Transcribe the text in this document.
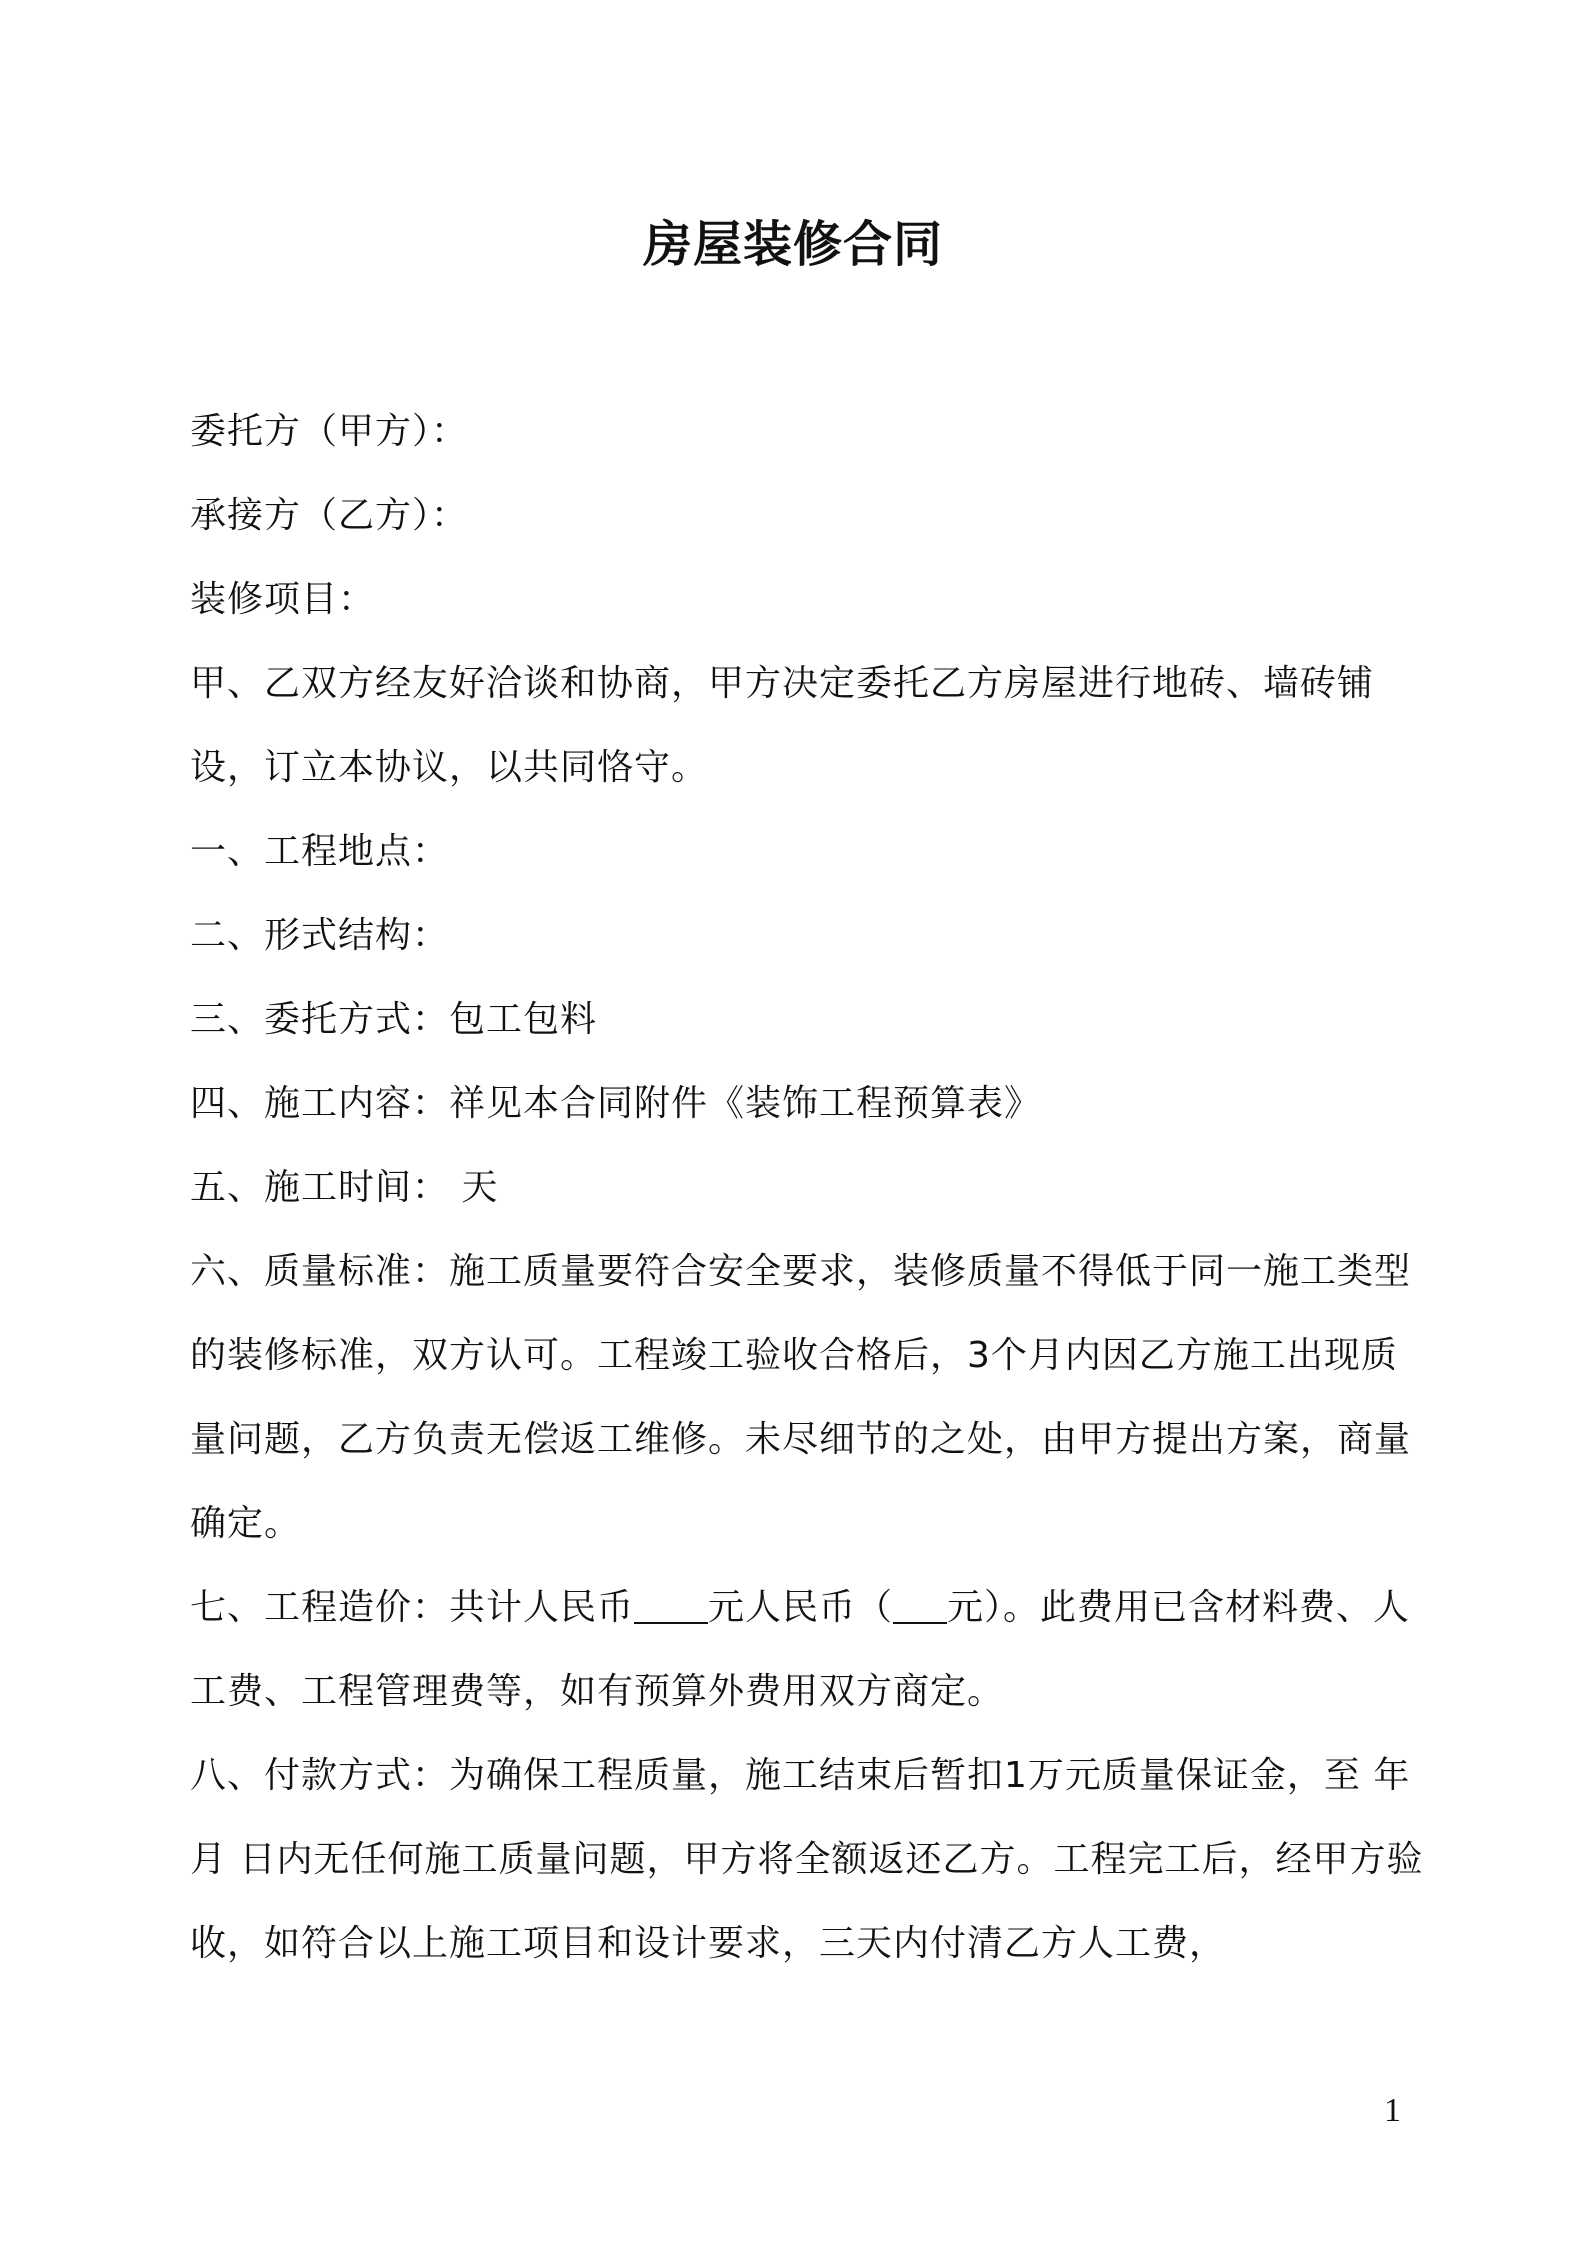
房屋装修合同

委托方（甲方）：

承接方（乙方）：

装修项目：

甲、乙双方经友好洽谈和协商，甲方决定委托乙方房屋进行地砖、墙砖铺设，订立本协议，以共同恪守。

一、工程地点：

二、形式结构：

三、委托方式：包工包料

四、施工内容：祥见本合同附件《装饰工程预算表》

五、施工时间： 天

六、质量标准：施工质量要符合安全要求，装修质量不得低于同一施工类型的装修标准，双方认可。工程竣工验收合格后，3个月内因乙方施工出现质量问题，乙方负责无偿返工维修。未尽细节的之处，由甲方提出方案，商量确定。

七、工程造价：共计人民币 元人民币（ 元）。此费用已含材料费、人工费、工程管理费等，如有预算外费用双方商定。

八、付款方式：为确保工程质量，施工结束后暂扣1万元质量保证金，至 年 月 日内无任何施工质量问题，甲方将全额返还乙方。工程完工后，经甲方验收，如符合以上施工项目和设计要求，三天内付清乙方人工费，

1
